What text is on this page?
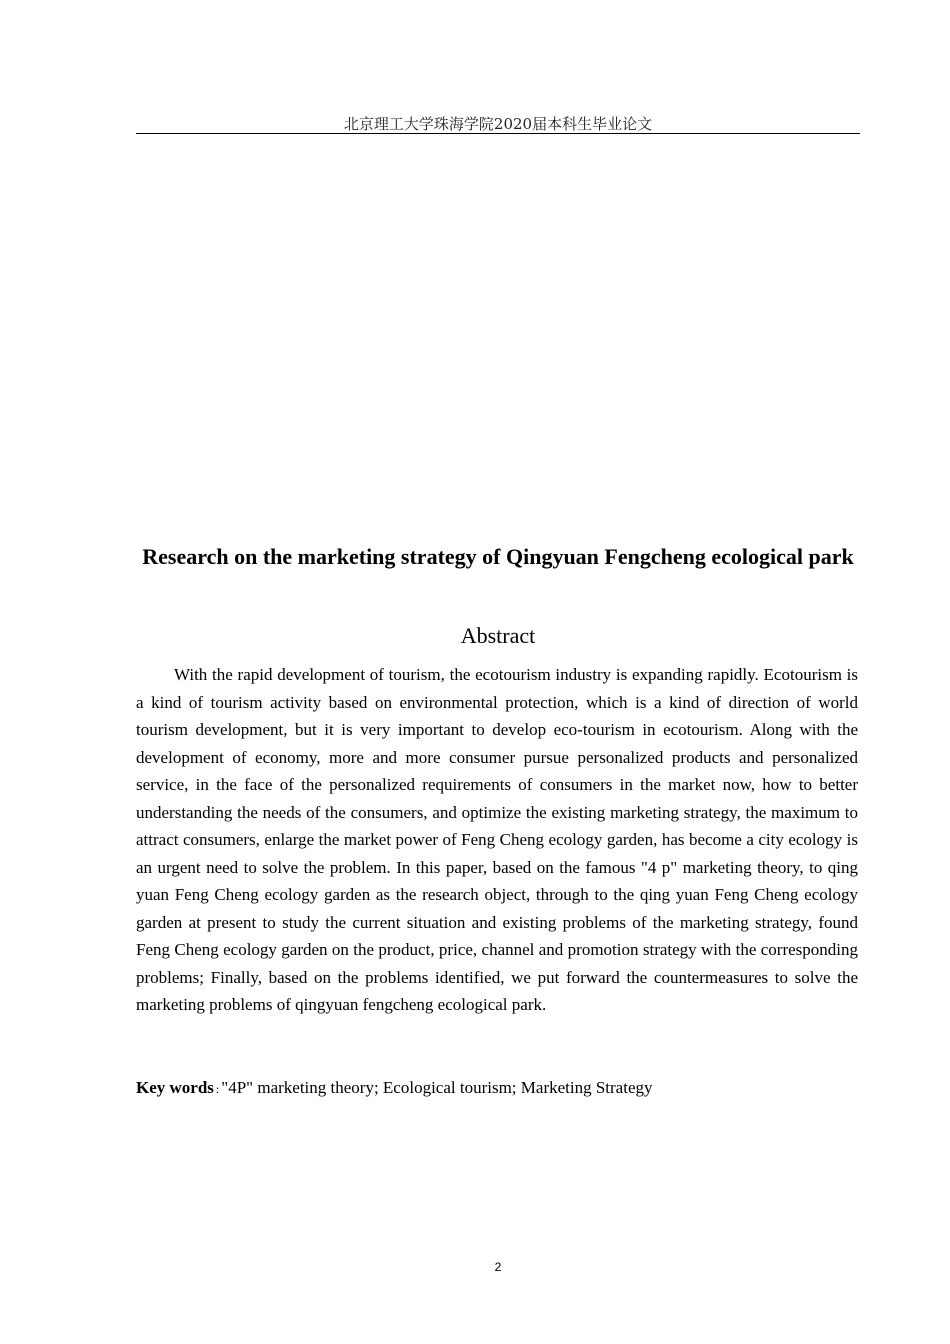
北京理工大学珠海学院2020届本科生毕业论文
Research on the marketing strategy of Qingyuan Fengcheng ecological park
Abstract

With the rapid development of tourism, the ecotourism industry is expanding rapidly. Ecotourism is a kind of tourism activity based on environmental protection, which is a kind of direction of world tourism development, but it is very important to develop eco-tourism in ecotourism. Along with the development of economy, more and more consumer pursue personalized products and personalized service, in the face of the personalized requirements of consumers in the market now, how to better understanding the needs of the consumers, and optimize the existing marketing strategy, the maximum to attract consumers, enlarge the market power of Feng Cheng ecology garden, has become a city ecology is an urgent need to solve the problem. In this paper, based on the famous "4 p" marketing theory, to qing yuan Feng Cheng ecology garden as the research object, through to the qing yuan Feng Cheng ecology garden at present to study the current situation and existing problems of the marketing strategy, found Feng Cheng ecology garden on the product, price, channel and promotion strategy with the corresponding problems; Finally, based on the problems identified, we put forward the countermeasures to solve the marketing problems of qingyuan fengcheng ecological park.

Key words : "4P" marketing theory; Ecological tourism; Marketing Strategy

2
